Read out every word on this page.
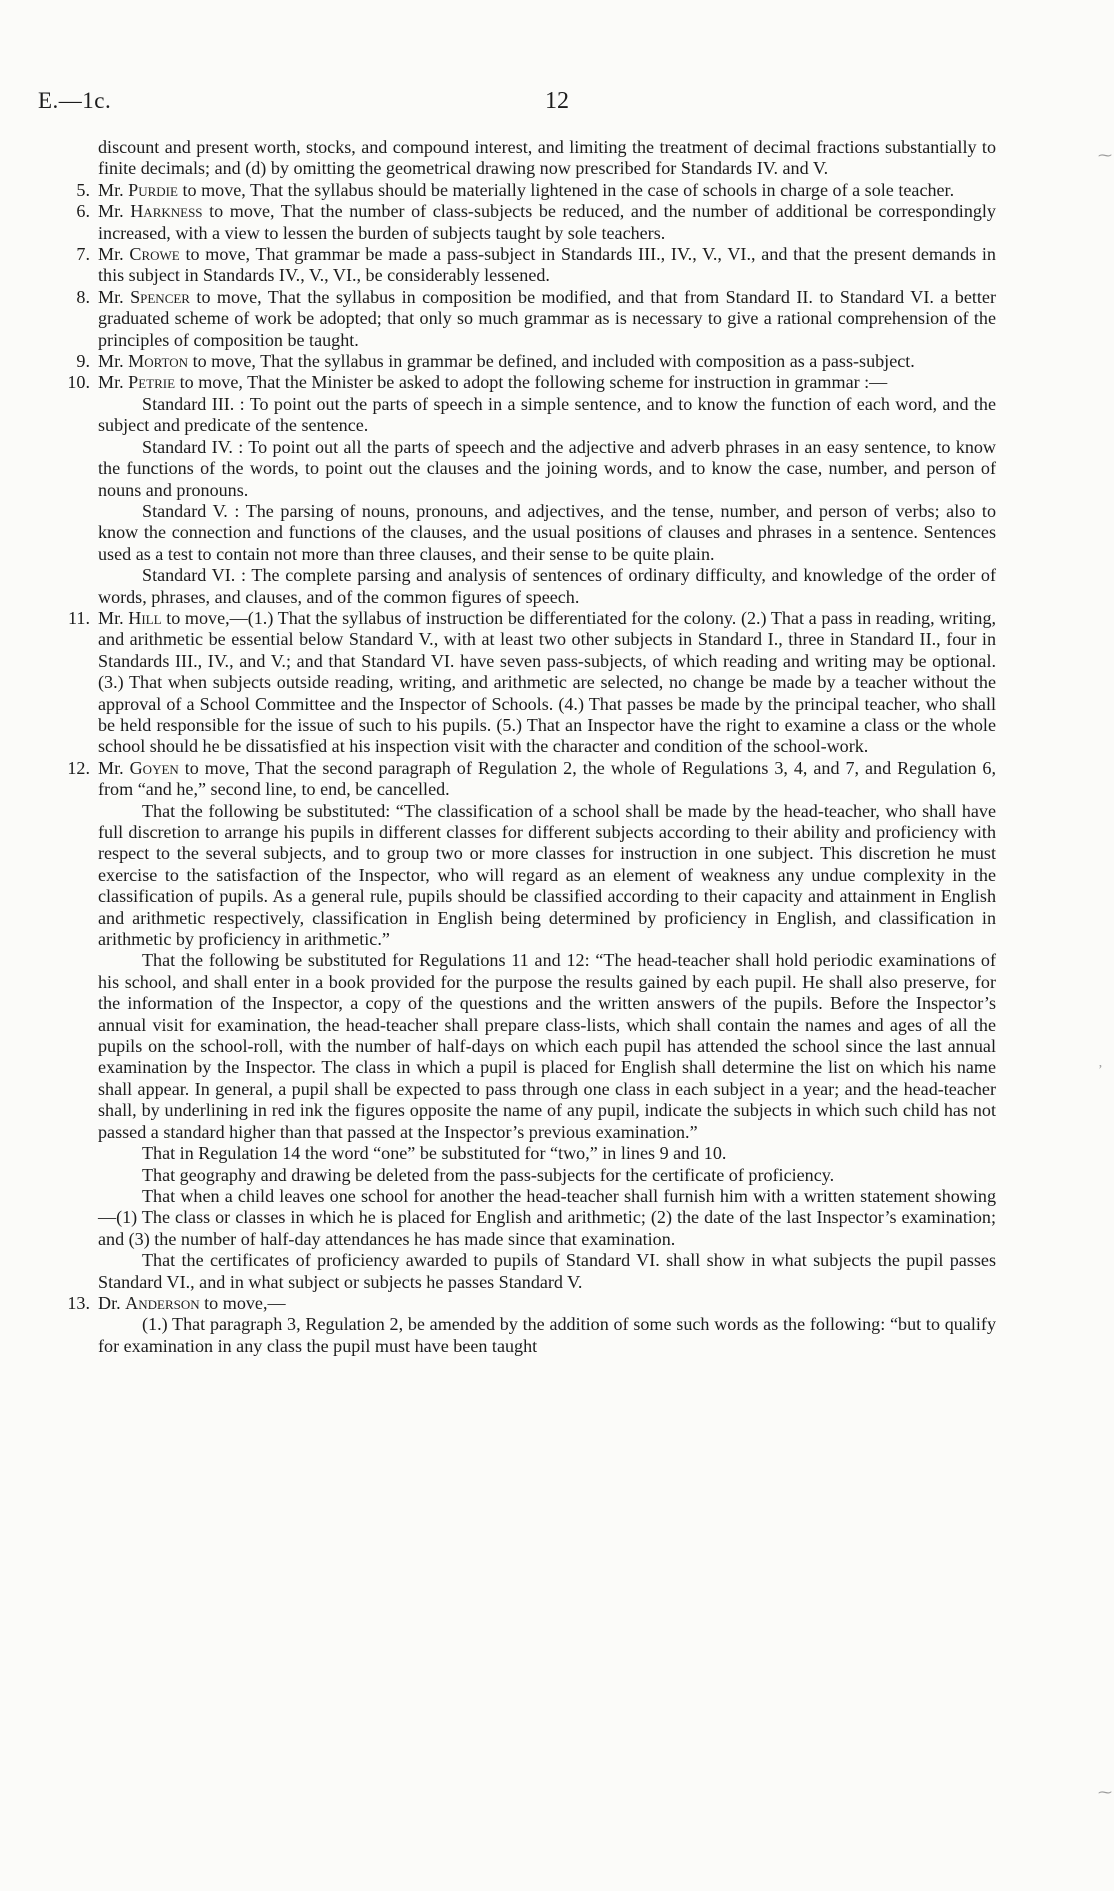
E.—1c.	12
⁓
⁓
ʼ

discount and present worth, stocks, and compound interest, and limiting the treatment of decimal fractions substantially to finite decimals; and (d) by omitting the geometrical drawing now prescribed for Standards IV. and V.

5. Mr. Purdie to move, That the syllabus should be materially lightened in the case of schools in charge of a sole teacher.

6. Mr. Harkness to move, That the number of class-subjects be reduced, and the number of additional be correspondingly increased, with a view to lessen the burden of subjects taught by sole teachers.

7. Mr. Crowe to move, That grammar be made a pass-subject in Standards III., IV., V., VI., and that the present demands in this subject in Standards IV., V., VI., be considerably lessened.

8. Mr. Spencer to move, That the syllabus in composition be modified, and that from Standard II. to Standard VI. a better graduated scheme of work be adopted; that only so much grammar as is necessary to give a rational comprehension of the principles of composition be taught.

9. Mr. Morton to move, That the syllabus in grammar be defined, and included with composition as a pass-subject.

10. Mr. Petrie to move, That the Minister be asked to adopt the following scheme for instruction in grammar :—

Standard III. : To point out the parts of speech in a simple sentence, and to know the function of each word, and the subject and predicate of the sentence.

Standard IV. : To point out all the parts of speech and the adjective and adverb phrases in an easy sentence, to know the functions of the words, to point out the clauses and the joining words, and to know the case, number, and person of nouns and pronouns.

Standard V. : The parsing of nouns, pronouns, and adjectives, and the tense, number, and person of verbs; also to know the connection and functions of the clauses, and the usual positions of clauses and phrases in a sentence. Sentences used as a test to contain not more than three clauses, and their sense to be quite plain.

Standard VI. : The complete parsing and analysis of sentences of ordinary difficulty, and knowledge of the order of words, phrases, and clauses, and of the common figures of speech.

11. Mr. Hill to move,—(1.) That the syllabus of instruction be differentiated for the colony. (2.) That a pass in reading, writing, and arithmetic be essential below Standard V., with at least two other subjects in Standard I., three in Standard II., four in Standards III., IV., and V.; and that Standard VI. have seven pass-subjects, of which reading and writing may be optional. (3.) That when subjects outside reading, writing, and arithmetic are selected, no change be made by a teacher without the approval of a School Committee and the Inspector of Schools. (4.) That passes be made by the principal teacher, who shall be held responsible for the issue of such to his pupils. (5.) That an Inspector have the right to examine a class or the whole school should he be dissatisfied at his inspection visit with the character and condition of the school-work.

12. Mr. Goyen to move, That the second paragraph of Regulation 2, the whole of Regulations 3, 4, and 7, and Regulation 6, from “and he,” second line, to end, be cancelled.

That the following be substituted: “The classification of a school shall be made by the head-teacher, who shall have full discretion to arrange his pupils in different classes for different subjects according to their ability and proficiency with respect to the several subjects, and to group two or more classes for instruction in one subject. This discretion he must exercise to the satisfaction of the Inspector, who will regard as an element of weakness any undue complexity in the classification of pupils. As a general rule, pupils should be classified according to their capacity and attainment in English and arithmetic respectively, classification in English being determined by proficiency in English, and classification in arithmetic by proficiency in arithmetic.”

That the following be substituted for Regulations 11 and 12: “The head-teacher shall hold periodic examinations of his school, and shall enter in a book provided for the purpose the results gained by each pupil. He shall also preserve, for the information of the Inspector, a copy of the questions and the written answers of the pupils. Before the Inspector’s annual visit for examination, the head-teacher shall prepare class-lists, which shall contain the names and ages of all the pupils on the school-roll, with the number of half-days on which each pupil has attended the school since the last annual examination by the Inspector. The class in which a pupil is placed for English shall determine the list on which his name shall appear. In general, a pupil shall be expected to pass through one class in each subject in a year; and the head-teacher shall, by underlining in red ink the figures opposite the name of any pupil, indicate the subjects in which such child has not passed a standard higher than that passed at the Inspector’s previous examination.”

That in Regulation 14 the word “one” be substituted for “two,” in lines 9 and 10.

That geography and drawing be deleted from the pass-subjects for the certificate of proficiency.

That when a child leaves one school for another the head-teacher shall furnish him with a written statement showing—(1) The class or classes in which he is placed for English and arithmetic; (2) the date of the last Inspector’s examination; and (3) the number of half-day attendances he has made since that examination.

That the certificates of proficiency awarded to pupils of Standard VI. shall show in what subjects the pupil passes Standard VI., and in what subject or subjects he passes Standard V.

13. Dr. Anderson to move,—

(1.) That paragraph 3, Regulation 2, be amended by the addition of some such words as the following: “but to qualify for examination in any class the pupil must have been taught
